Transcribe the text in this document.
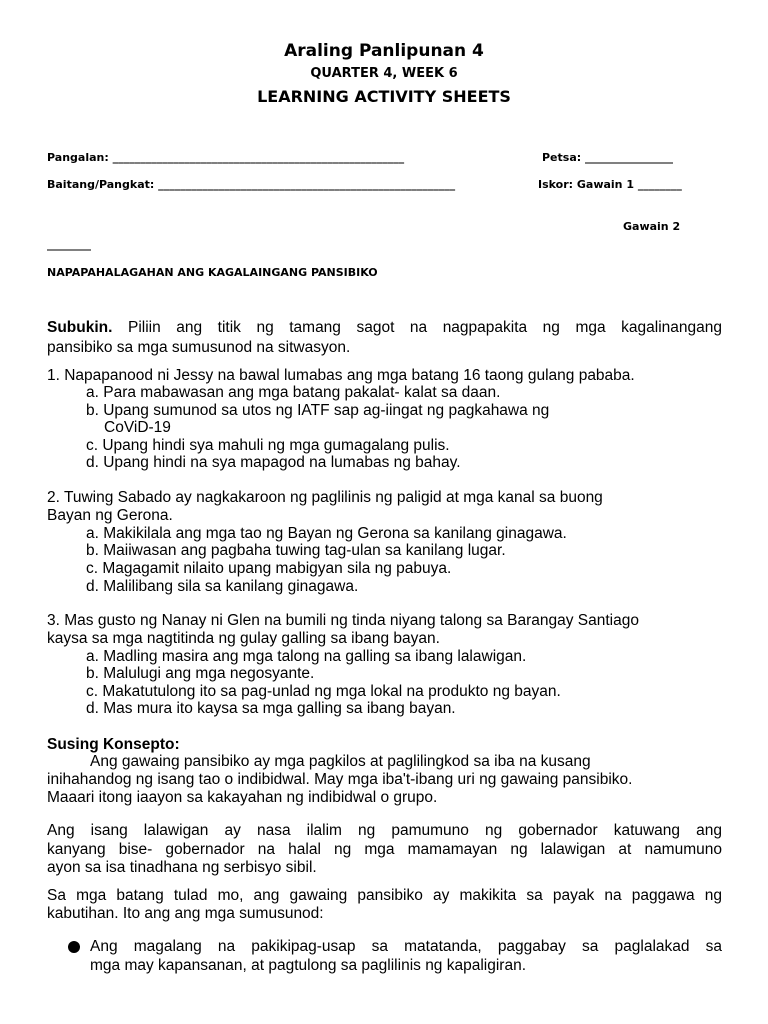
Araling Panlipunan 4
QUARTER 4, WEEK 6
LEARNING ACTIVITY SHEETS
Pangalan: _____________________________________________________	Petsa: ________________
Baitang/Pangkat: ______________________________________________________	Iskor: Gawain 1 ________
Gawain 2
________
NAPAPAHALAGAHAN ANG KAGALAINGANG PANSIBIKO
Subukin. Piliin ang titik ng tamang sagot na nagpapakita ng mga kagalinangang
pansibiko sa mga sumusunod na sitwasyon.
1. Napapanood ni Jessy na bawal lumabas ang mga batang 16 taong gulang pababa.
a. Para mabawasan ang mga batang pakalat- kalat sa daan.
b. Upang sumunod sa utos ng IATF sap ag-iingat ng pagkahawa ng
CoViD-19
c. Upang hindi sya mahuli ng mga gumagalang pulis.
d. Upang hindi na sya mapagod na lumabas ng bahay.
2. Tuwing Sabado ay nagkakaroon ng paglilinis ng paligid at mga kanal sa buong
Bayan ng Gerona.
a. Makikilala ang mga tao ng Bayan ng Gerona sa kanilang ginagawa.
b. Maiiwasan ang pagbaha tuwing tag-ulan sa kanilang lugar.
c. Magagamit nilaito upang mabigyan sila ng pabuya.
d. Malilibang sila sa kanilang ginagawa.
3. Mas gusto ng Nanay ni Glen na bumili ng tinda niyang talong sa Barangay Santiago
kaysa sa mga nagtitinda ng gulay galling sa ibang bayan.
a. Madling masira ang mga talong na galling sa ibang lalawigan.
b. Malulugi ang mga negosyante.
c. Makatutulong ito sa pag-unlad ng mga lokal na produkto ng bayan.
d. Mas mura ito kaysa sa mga galling sa ibang bayan.
Susing Konsepto:
Ang gawaing pansibiko ay mga pagkilos at paglilingkod sa iba na kusang
inihahandog ng isang tao o indibidwal. May mga iba't-ibang uri ng gawaing pansibiko.
Maaari itong iaayon sa kakayahan ng indibidwal o grupo.
Ang isang lalawigan ay nasa ilalim ng pamumuno ng gobernador katuwang ang
kanyang bise- gobernador na halal ng mga mamamayan ng lalawigan at namumuno
ayon sa isa tinadhana ng serbisyo sibil.
Sa mga batang tulad mo, ang gawaing pansibiko ay makikita sa payak na paggawa ng
kabutihan. Ito ang ang mga sumusunod:
Ang magalang na pakikipag-usap sa matatanda, paggabay sa paglalakad sa
mga may kapansanan, at pagtulong sa paglilinis ng kapaligiran.
